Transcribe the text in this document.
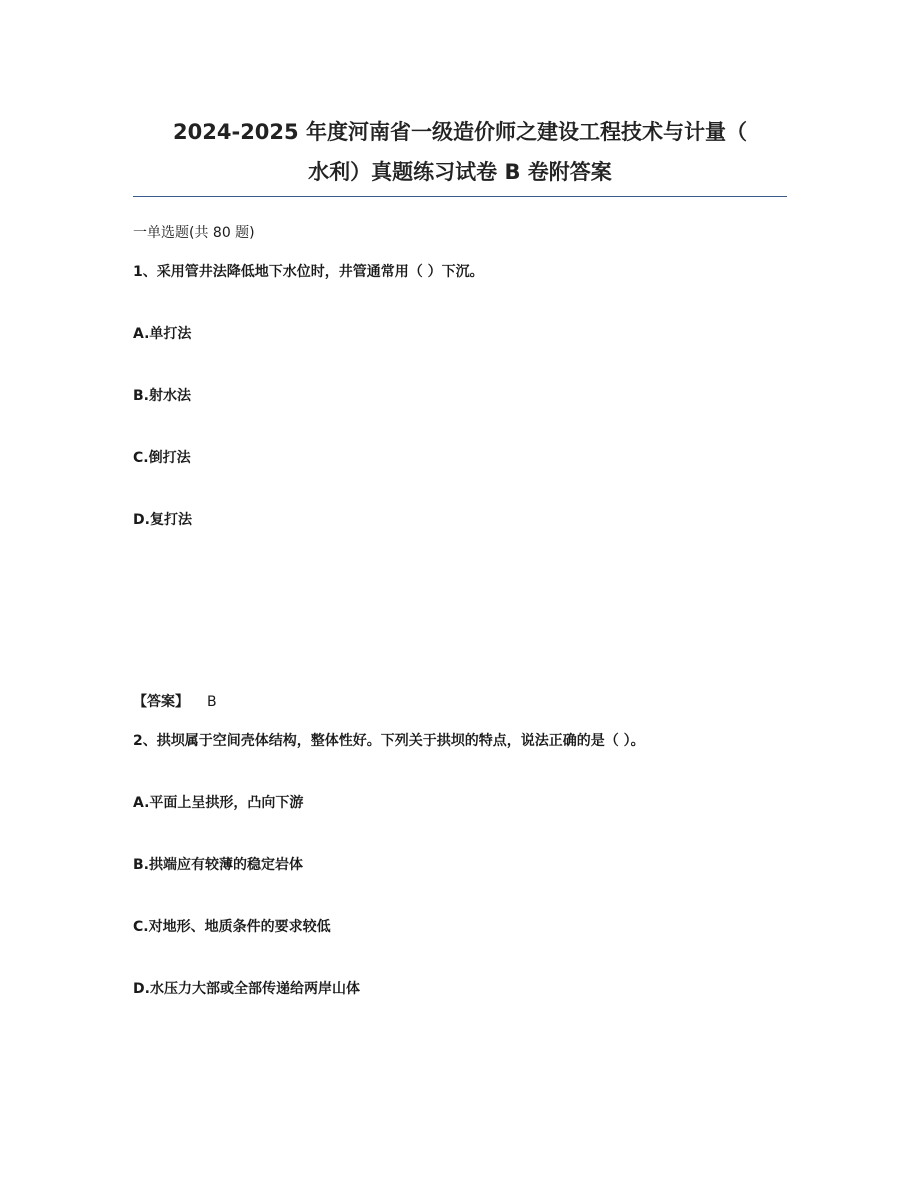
2024-2025 年度河南省一级造价师之建设工程技术与计量（
水利）真题练习试卷 B 卷附答案
一单选题(共 80 题)
1、采用管井法降低地下水位时，井管通常用（ ）下沉。
A.单打法
B.射水法
C.倒打法
D.复打法
【答案】 B
2、拱坝属于空间壳体结构，整体性好。下列关于拱坝的特点，说法正确的是（ ）。
A.平面上呈拱形，凸向下游
B.拱端应有较薄的稳定岩体
C.对地形、地质条件的要求较低
D.水压力大部或全部传递给两岸山体
